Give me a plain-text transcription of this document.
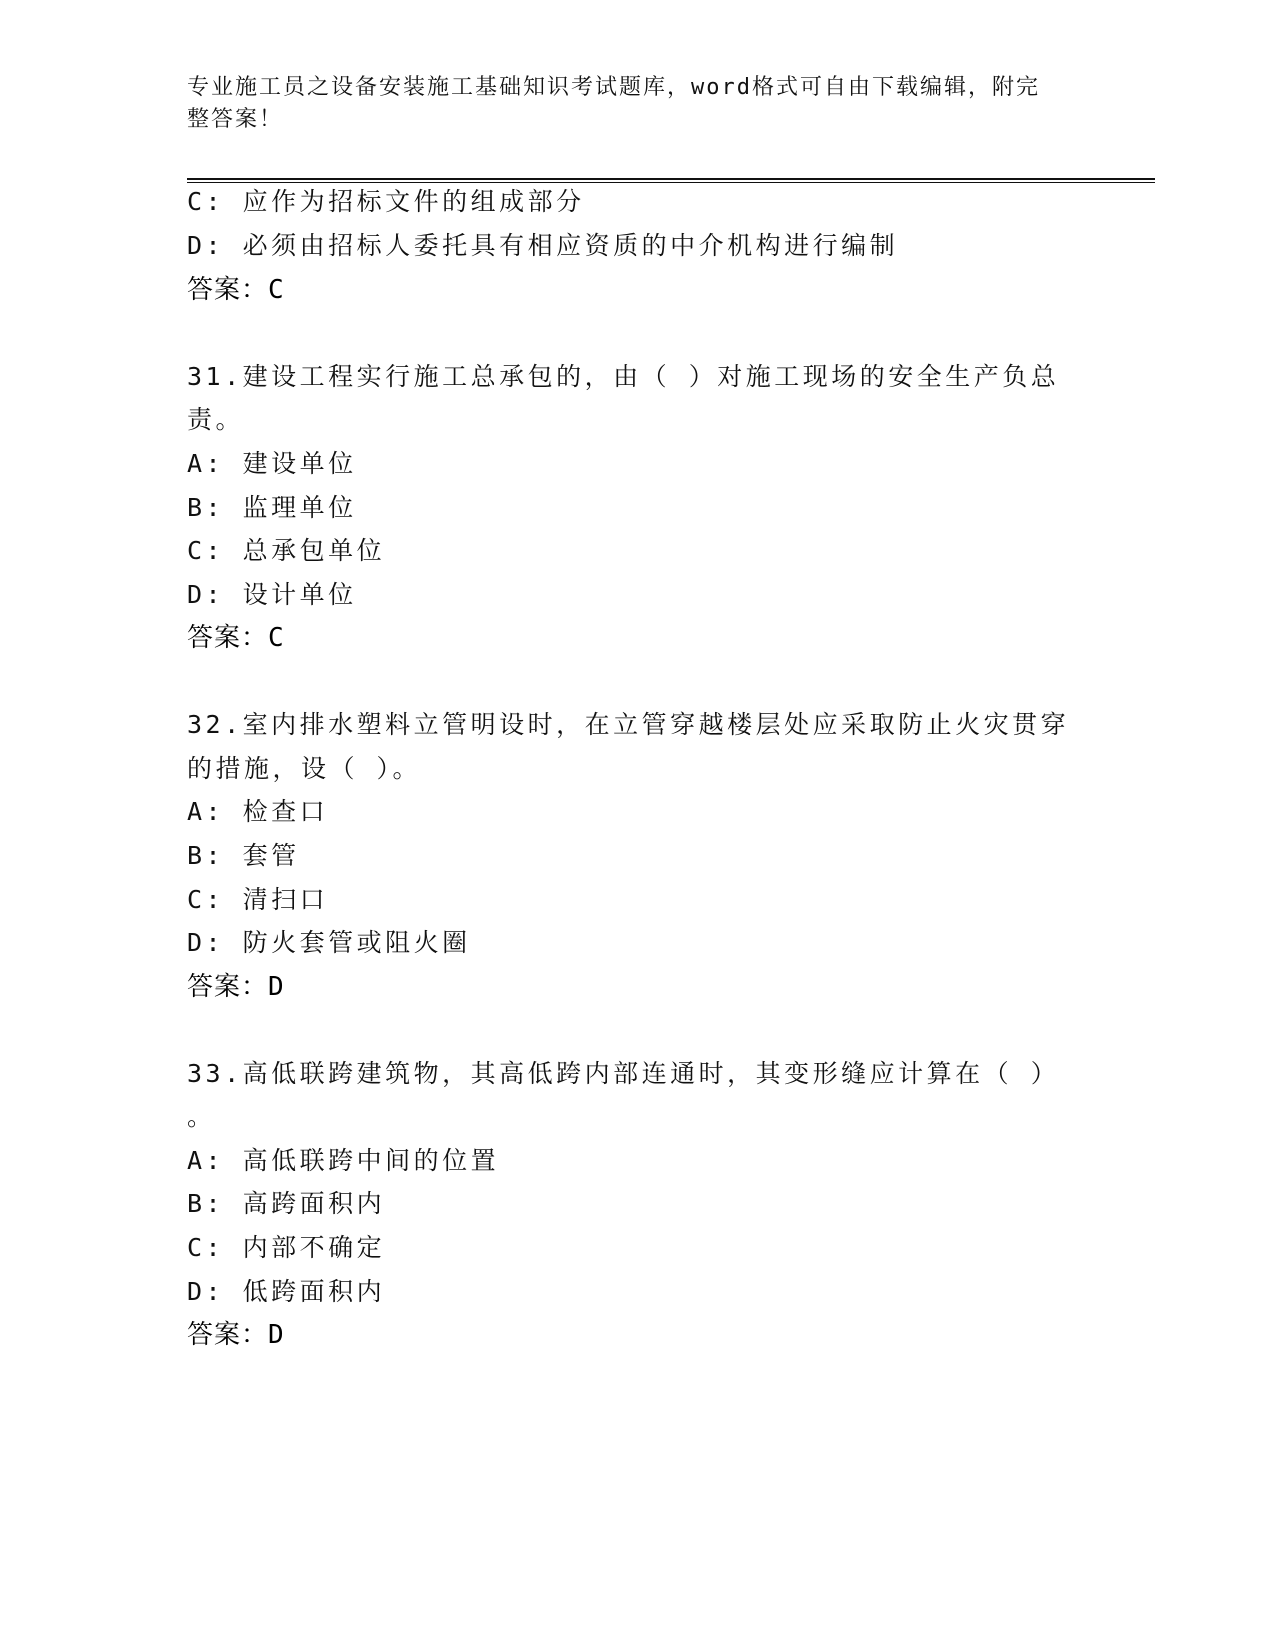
专业施工员之设备安装施工基础知识考试题库，word格式可自由下载编辑，附完
整答案！
C: 应作为招标文件的组成部分
D: 必须由招标人委托具有相应资质的中介机构进行编制
答案：C
31.建设工程实行施工总承包的，由（ ）对施工现场的安全生产负总
责。
A: 建设单位
B: 监理单位
C: 总承包单位
D: 设计单位
答案：C
32.室内排水塑料立管明设时，在立管穿越楼层处应采取防止火灾贯穿
的措施，设（ ）。
A: 检查口
B: 套管
C: 清扫口
D: 防火套管或阻火圈
答案：D
33.高低联跨建筑物，其高低跨内部连通时，其变形缝应计算在（ ）
。
A: 高低联跨中间的位置
B: 高跨面积内
C: 内部不确定
D: 低跨面积内
答案：D
